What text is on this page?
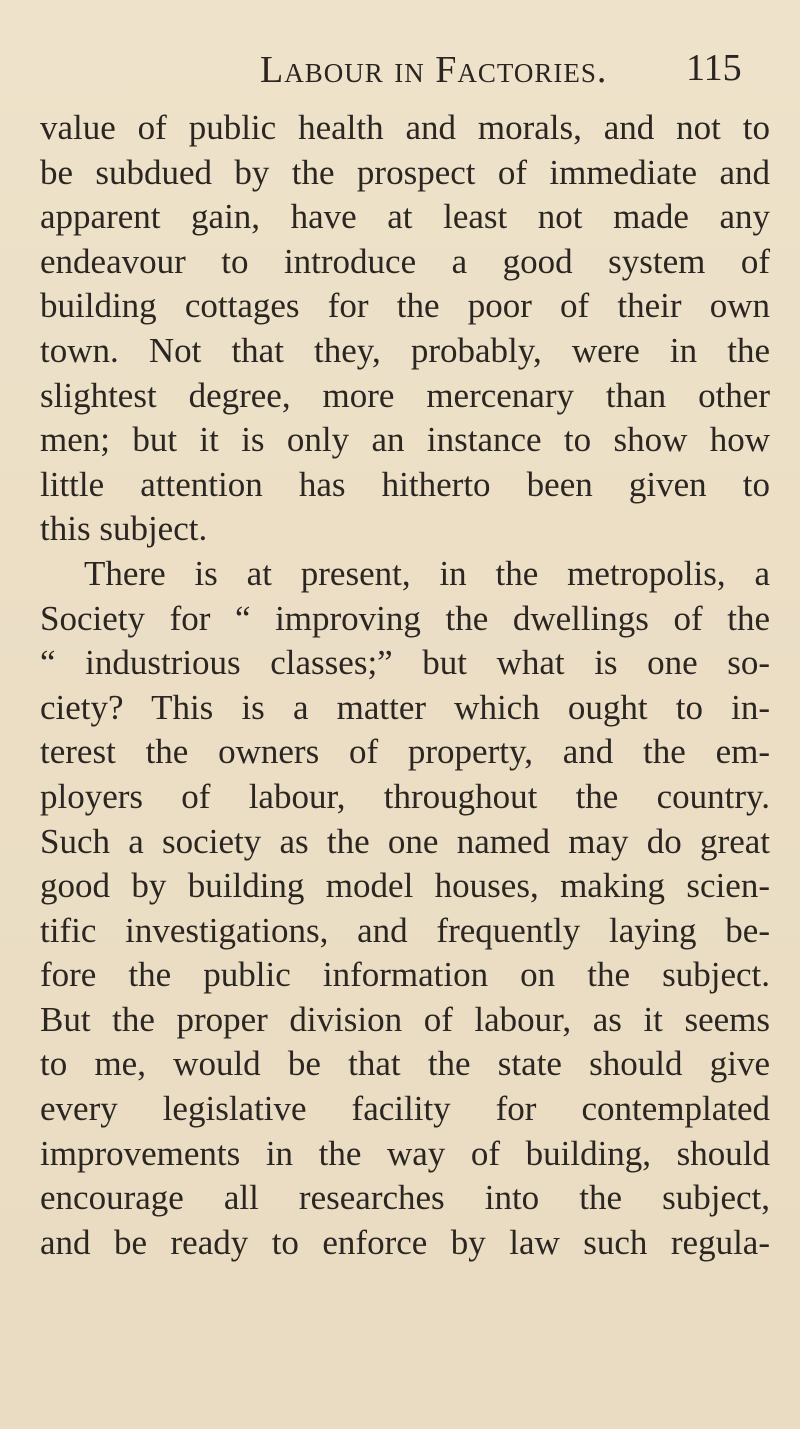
Labour in Factories. 115
value of public health and morals, and not to
be subdued by the prospect of immediate and
apparent gain, have at least not made any
endeavour to introduce a good system of
building cottages for the poor of their own
town. Not that they, probably, were in the
slightest degree, more mercenary than other
men; but it is only an instance to show how
little attention has hitherto been given to
this subject.
There is at present, in the metropolis, a
Society for “ improving the dwellings of the
“ industrious classes;” but what is one so-
ciety? This is a matter which ought to in-
terest the owners of property, and the em-
ployers of labour, throughout the country.
Such a society as the one named may do great
good by building model houses, making scien-
tific investigations, and frequently laying be-
fore the public information on the subject.
But the proper division of labour, as it seems
to me, would be that the state should give
every legislative facility for contemplated
improvements in the way of building, should
encourage all researches into the subject,
and be ready to enforce by law such regula-
